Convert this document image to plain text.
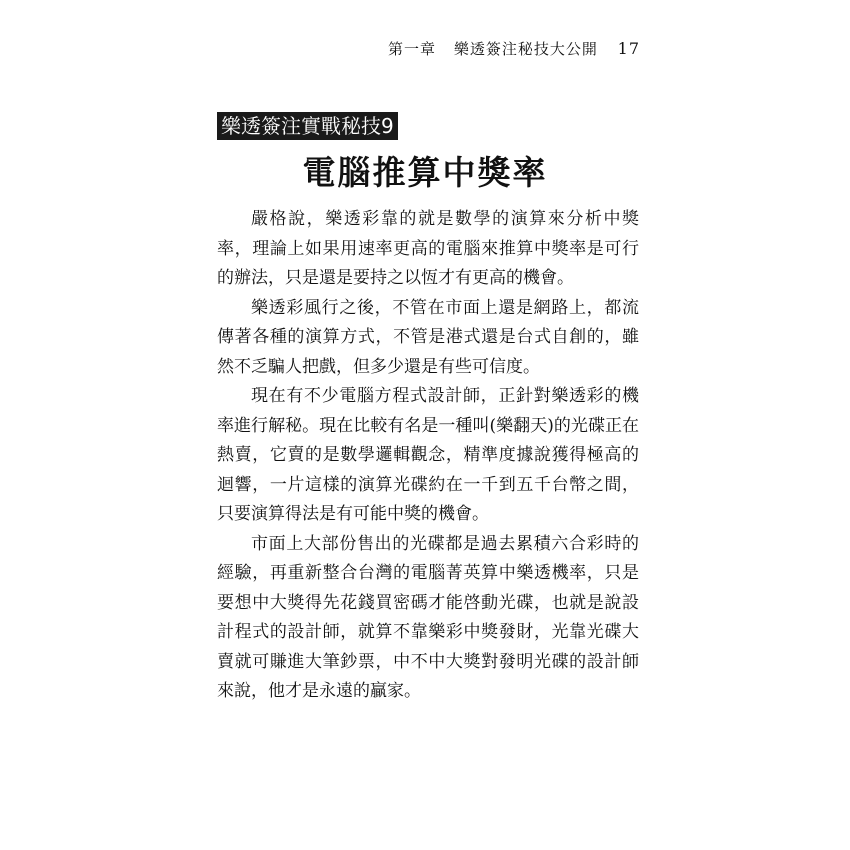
第一章 樂透簽注秘技大公開 17
樂透簽注實戰秘技9
電腦推算中獎率

嚴格說，樂透彩靠的就是數學的演算來分析中獎率，理論上如果用速率更高的電腦來推算中獎率是可行的辦法，只是還是要持之以恆才有更高的機會。

樂透彩風行之後，不管在市面上還是網路上，都流傳著各種的演算方式，不管是港式還是台式自創的，雖然不乏騙人把戲，但多少還是有些可信度。

現在有不少電腦方程式設計師，正針對樂透彩的機率進行解秘。現在比較有名是一種叫(樂翻天)的光碟正在熱賣，它賣的是數學邏輯觀念，精準度據說獲得極高的迴響，一片這樣的演算光碟約在一千到五千台幣之間，只要演算得法是有可能中獎的機會。

市面上大部份售出的光碟都是過去累積六合彩時的經驗，再重新整合台灣的電腦菁英算中樂透機率，只是要想中大獎得先花錢買密碼才能啓動光碟，也就是說設計程式的設計師，就算不靠樂彩中獎發財，光靠光碟大賣就可賺進大筆鈔票，中不中大獎對發明光碟的設計師來說，他才是永遠的贏家。
